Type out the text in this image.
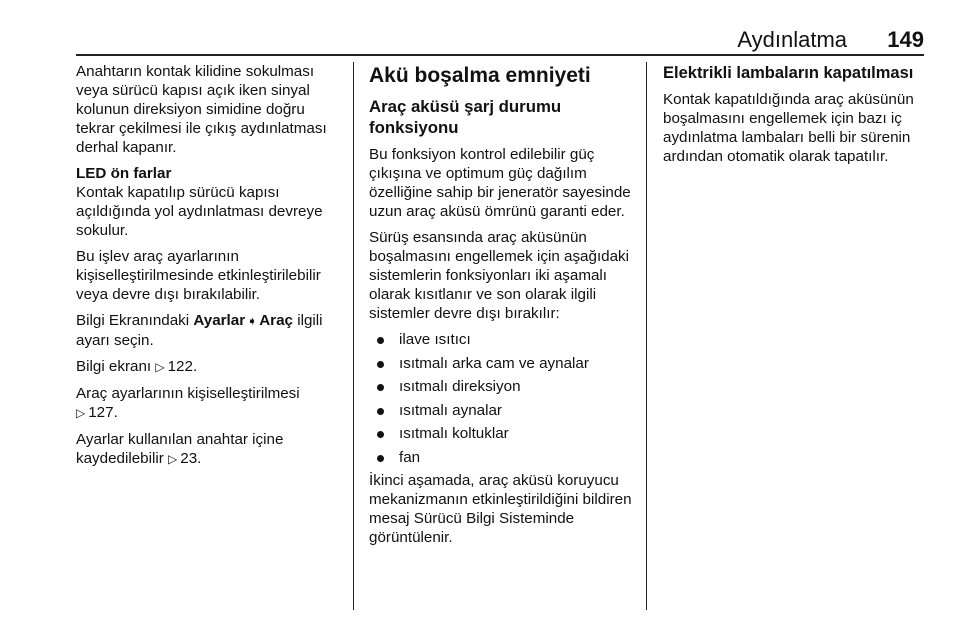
Aydınlatma 149

Anahtarın kontak kilidine sokulması veya sürücü kapısı açık iken sinyal kolunun direksiyon simidine doğru tekrar çekilmesi ile çıkış aydınlatması derhal kapanır.

LED ön farlar

Kontak kapatılıp sürücü kapısı açıldığında yol aydınlatması devreye sokulur.

Bu işlev araç ayarlarının kişiselleştirilmesinde etkinleştirilebilir veya devre dışı bırakılabilir.

Bilgi Ekranındaki Ayarlar ➧ Araç ilgili ayarı seçin.

Bilgi ekranı ▷ 122.

Araç ayarlarının kişiselleştirilmesi
▷ 127.

Ayarlar kullanılan anahtar içine kaydedilebilir ▷ 23.

Akü boşalma emniyeti
Araç aküsü şarj durumu fonksiyonu

Bu fonksiyon kontrol edilebilir güç çıkışına ve optimum güç dağılım özelliğine sahip bir jeneratör sayesinde uzun araç aküsü ömrünü garanti eder.

Sürüş esansında araç aküsünün boşalmasını engellemek için aşağıdaki sistemlerin fonksiyonları iki aşamalı olarak kısıtlanır ve son olarak ilgili sistemler devre dışı bırakılır:

ilave ısıtıcı
ısıtmalı arka cam ve aynalar
ısıtmalı direksiyon
ısıtmalı aynalar
ısıtmalı koltuklar
fan

İkinci aşamada, araç aküsü koruyucu mekanizmanın etkinleştirildiğini bildiren mesaj Sürücü Bilgi Sisteminde görüntülenir.

Elektrikli lambaların kapatılması

Kontak kapatıldığında araç aküsünün boşalmasını engellemek için bazı iç aydınlatma lambaları belli bir sürenin ardından otomatik olarak tapatılır.
